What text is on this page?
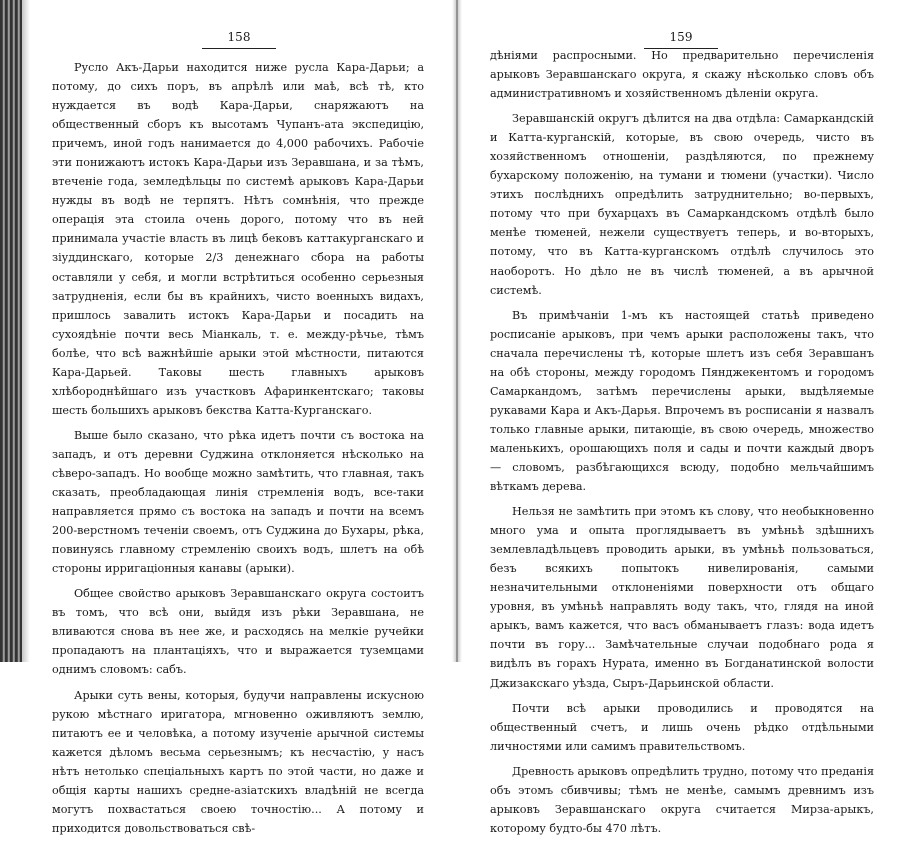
158

Русло Акъ-Дарьи находится ниже русла Кара-Дарьи; а потому, до сихъ поръ, въ апрѣлѣ или маѣ, всѣ тѣ, кто нуждается въ водѣ Кара-Дарьи, снаряжаютъ на общественный сборъ къ высотамъ Чупанъ-ата экспедицію, причемъ, иной годъ нанимается до 4,000 рабочихъ. Рабочіе эти понижаютъ истокъ Кара-Дарьи изъ Зеравшана, и за тѣмъ, втеченіе года, земледѣльцы по системѣ арыковъ Кара-Дарьи нужды въ водѣ не терпятъ. Нѣтъ сомнѣнія, что прежде операція эта стоила очень дорого, потому что въ ней принимала участіе власть въ лицѣ бековъ каттакурганскаго и зіуддинскаго, которые 2/3 денежнаго сбора на работы оставляли у себя, и могли встрѣтиться особенно серьезныя затрудненія, если бы въ крайнихъ, чисто военныхъ видахъ, пришлось завалить истокъ Кара-Дарьи и посадить на сухоядѣніе почти весь Міанкаль, т. е. между-рѣчье, тѣмъ болѣе, что всѣ важнѣйшіе арыки этой мѣстности, питаются Кара-Дарьей. Таковы шесть главныхъ арыковъ хлѣбороднѣйшаго изъ участковъ Афаринкентскаго; таковы шесть большихъ арыковъ бекства Катта-Курганскаго.

Выше было сказано, что рѣка идетъ почти съ востока на западъ, и отъ деревни Суджина отклоняется нѣсколько на сѣверо-западъ. Но вообще можно замѣтить, что главная, такъ сказать, преобладающая линія стремленія водъ, все-таки направляется прямо съ востока на западъ и почти на всемъ 200-верстномъ теченіи своемъ, отъ Суджина до Бухары, рѣка, повинуясь главному стремленію своихъ водъ, шлетъ на обѣ стороны ирригаціонныя канавы (арыки).

Общее свойство арыковъ Зеравшанскаго округа состоитъ въ томъ, что всѣ они, выйдя изъ рѣки Зеравшана, не вливаются снова въ нее же, и расходясь на мелкіе ручейки пропадаютъ на плантаціяхъ, что и выражается туземцами однимъ словомъ: сабъ.

Арыки суть вены, которыя, будучи направлены искусною рукою мѣстнаго иригатора, мгновенно оживляютъ землю, питаютъ ее и человѣка, а потому изученіе арычной системы кажется дѣломъ весьма серьезнымъ; къ несчастію, у насъ нѣтъ нетолько спеціальныхъ картъ по этой части, но даже и общія карты нашихъ средне-азіатскихъ владѣній не всегда могутъ похвастаться своею точностію... А потому и приходится довольствоваться свѣ-

159

дѣніями распросными. Но предварительно перечисленія арыковъ Зеравшанскаго округа, я скажу нѣсколько словъ объ административномъ и хозяйственномъ дѣленіи округа.

Зеравшанскій округъ дѣлится на два отдѣла: Самаркандскій и Катта-курганскій, которые, въ свою очередь, чисто въ хозяйственномъ отношеніи, раздѣляются, по прежнему бухарскому положенію, на тумани и тюмени (участки). Число этихъ послѣднихъ опредѣлить затруднительно; во-первыхъ, потому что при бухарцахъ въ Самаркандскомъ отдѣлѣ было менѣе тюменей, нежели существуетъ теперь, и во-вторыхъ, потому, что въ Катта-курганскомъ отдѣлѣ случилось это наоборотъ. Но дѣло не въ числѣ тюменей, а въ арычной системѣ.

Въ примѣчаніи 1-мъ къ настоящей статьѣ приведено росписаніе арыковъ, при чемъ арыки расположены такъ, что сначала перечислены тѣ, которые шлетъ изъ себя Зеравшанъ на обѣ стороны, между городомъ Пянджекентомъ и городомъ Самаркандомъ, затѣмъ перечислены арыки, выдѣляемые рукавами Кара и Акъ-Дарья. Впрочемъ въ росписаніи я назвалъ только главные арыки, питающіе, въ свою очередь, множество маленькихъ, орошающихъ поля и сады и почти каждый дворъ — словомъ, разбѣгающихся всюду, подобно мельчайшимъ вѣткамъ дерева.

Нельзя не замѣтить при этомъ къ слову, что необыкновенно много ума и опыта проглядываетъ въ умѣньѣ здѣшнихъ землевладѣльцевъ проводить арыки, въ умѣньѣ пользоваться, безъ всякихъ попытокъ нивелированія, самыми незначительными отклоненіями поверхности отъ общаго уровня, въ умѣньѣ направлять воду такъ, что, глядя на иной арыкъ, вамъ кажется, что васъ обманываетъ глазъ: вода идетъ почти въ гору... Замѣчательные случаи подобнаго рода я видѣлъ въ горахъ Нурата, именно въ Богданатинской волости Джизакскаго уѣзда, Сыръ-Дарьинской области.

Почти всѣ арыки проводились и проводятся на общественный счетъ, и лишь очень рѣдко отдѣльными личностями или самимъ правительствомъ.

Древность арыковъ опредѣлить трудно, потому что преданія объ этомъ сбивчивы; тѣмъ не менѣе, самымъ древнимъ изъ арыковъ Зеравшанскаго округа считается Мирза-арыкъ, которому будто-бы 470 лѣтъ.
